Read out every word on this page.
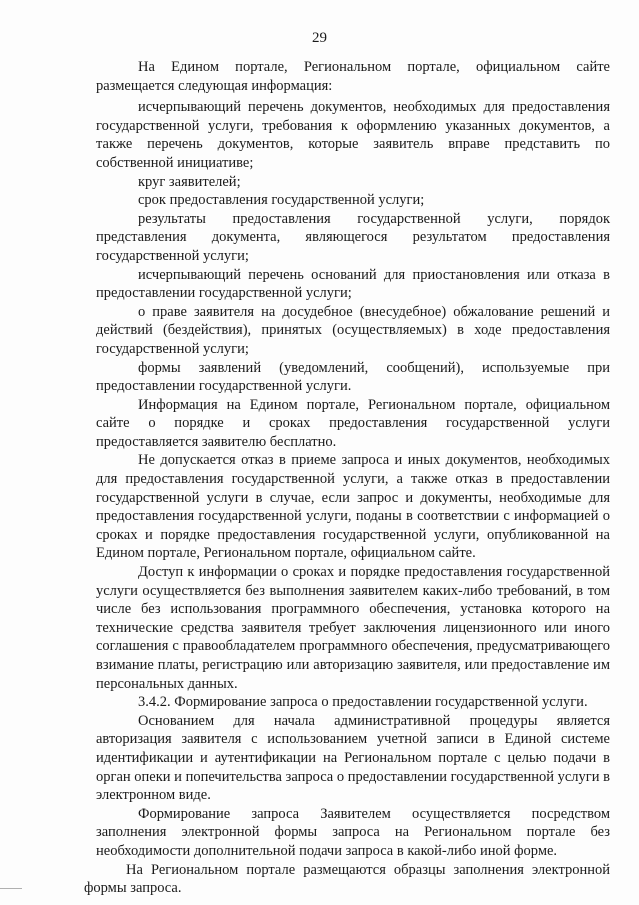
29

На Едином портале, Региональном портале, официальном сайте размещается следующая информация:

исчерпывающий перечень документов, необходимых для предоставления государственной услуги, требования к оформлению указанных документов, а также перечень документов, которые заявитель вправе представить по собственной инициативе;

круг заявителей;

срок предоставления государственной услуги;

результаты предоставления государственной услуги, порядок представления документа, являющегося результатом предоставления государственной услуги;

исчерпывающий перечень оснований для приостановления или отказа в предоставлении государственной услуги;

о праве заявителя на досудебное (внесудебное) обжалование решений и действий (бездействия), принятых (осуществляемых) в ходе предоставления государственной услуги;

формы заявлений (уведомлений, сообщений), используемые при предоставлении государственной услуги.

Информация на Едином портале, Региональном портале, официальном сайте о порядке и сроках предоставления государственной услуги предоставляется заявителю бесплатно.

Не допускается отказ в приеме запроса и иных документов, необходимых для предоставления государственной услуги, а также отказ в предоставлении государственной услуги в случае, если запрос и документы, необходимые для предоставления государственной услуги, поданы в соответствии с информацией о сроках и порядке предоставления государственной услуги, опубликованной на Едином портале, Региональном портале, официальном сайте.

Доступ к информации о сроках и порядке предоставления государственной услуги осуществляется без выполнения заявителем каких-либо требований, в том числе без использования программного обеспечения, установка которого на технические средства заявителя требует заключения лицензионного или иного соглашения с правообладателем программного обеспечения, предусматривающего взимание платы, регистрацию или авторизацию заявителя, или предоставление им персональных данных.

3.4.2. Формирование запроса о предоставлении государственной услуги.

Основанием для начала административной процедуры является авторизация заявителя с использованием учетной записи в Единой системе идентификации и аутентификации на Региональном портале с целью подачи в орган опеки и попечительства запроса о предоставлении государственной услуги в электронном виде.

Формирование запроса Заявителем осуществляется посредством заполнения электронной формы запроса на Региональном портале без необходимости дополнительной подачи запроса в какой-либо иной форме.

На Региональном портале размещаются образцы заполнения электронной формы запроса.
